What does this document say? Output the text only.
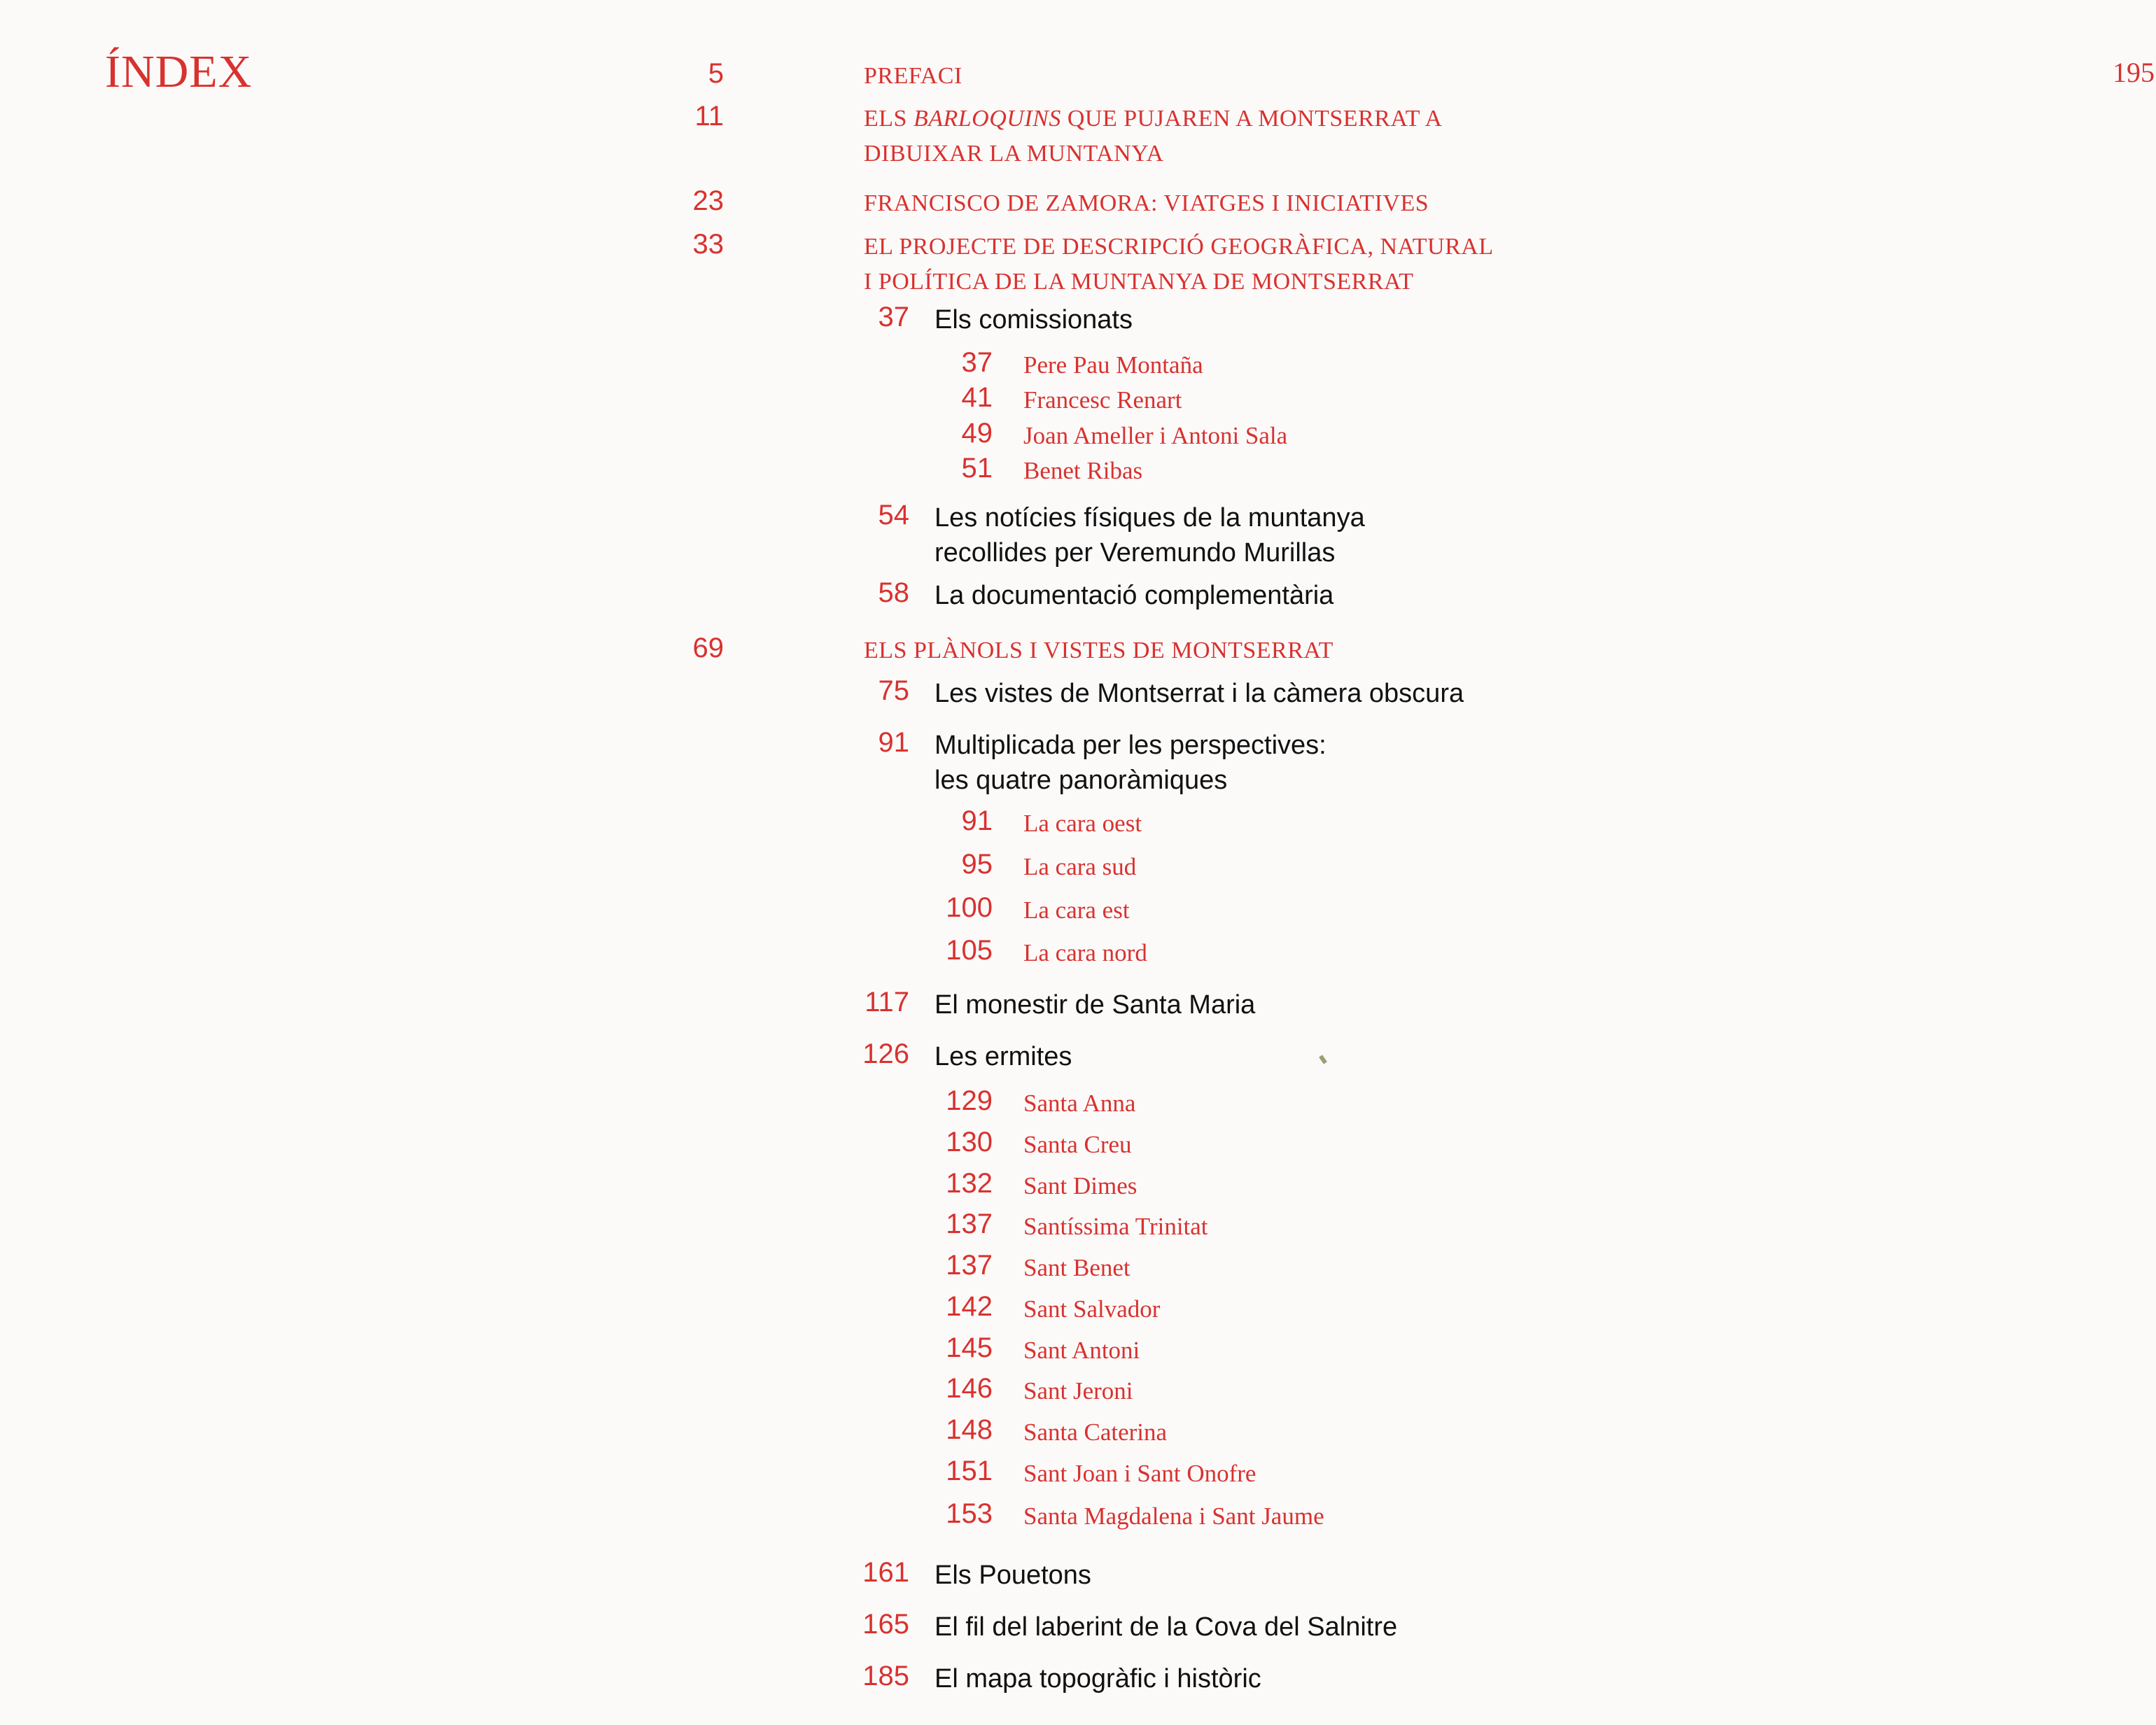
ÍNDEX	195
5	PREFACI
11	ELS BARLOQUINS QUE PUJAREN A MONTSERRAT A
DIBUIXAR LA MUNTANYA
23	FRANCISCO DE ZAMORA: VIATGES I INICIATIVES
33	EL PROJECTE DE DESCRIPCIÓ GEOGRÀFICA, NATURAL
I POLÍTICA DE LA MUNTANYA DE MONTSERRAT
37 Els comissionats
37 Pere Pau Montaña
41 Francesc Renart
49 Joan Ameller i Antoni Sala
51 Benet Ribas
54 Les notícies físiques de la muntanya
recollides per Veremundo Murillas
58 La documentació complementària
69	ELS PLÀNOLS I VISTES DE MONTSERRAT
75 Les vistes de Montserrat i la càmera obscura
91 Multiplicada per les perspectives:
les quatre panoràmiques
91 La cara oest
95 La cara sud
100 La cara est
105 La cara nord
117 El monestir de Santa Maria
126 Les ermites
129 Santa Anna
130 Santa Creu
132 Sant Dimes
137 Santíssima Trinitat
137 Sant Benet
142 Sant Salvador
145 Sant Antoni
146 Sant Jeroni
148 Santa Caterina
151 Sant Joan i Sant Onofre
153 Santa Magdalena i Sant Jaume
161 Els Pouetons
165 El fil del laberint de la Cova del Salnitre
185 El mapa topogràfic i històric
